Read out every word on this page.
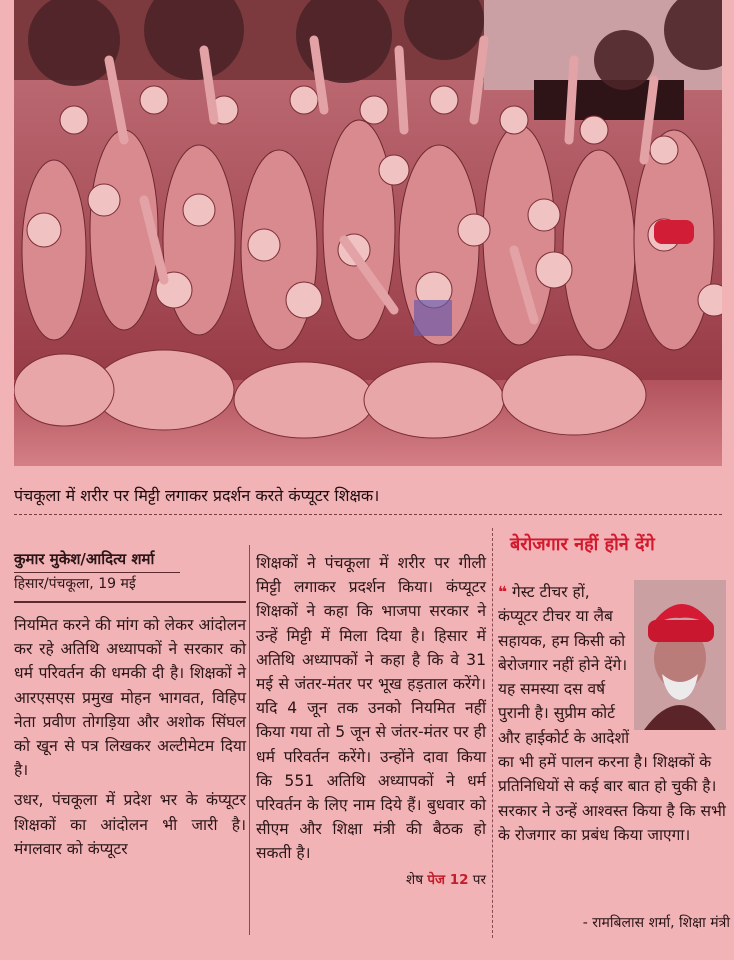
पंचकूला में शरीर पर मिट्टी लगाकर प्रदर्शन करते कंप्यूटर शिक्षक।
कुमार मुकेश/आदित्य शर्मा
हिसार/पंचकूला, 19 मई

नियमित करने की मांग को लेकर आंदोलन कर रहे अतिथि अध्यापकों ने सरकार को धर्म परिवर्तन की धमकी दी है। शिक्षकों ने आरएसएस प्रमुख मोहन भागवत, विहिप नेता प्रवीण तोगड़िया और अशोक सिंघल को खून से पत्र लिखकर अल्टीमेटम दिया है।

उधर, पंचकूला में प्रदेश भर के कंप्यूटर शिक्षकों का आंदोलन भी जारी है। मंगलवार को कंप्यूटर

शिक्षकों ने पंचकूला में शरीर पर गीली मिट्टी लगाकर प्रदर्शन किया। कंप्यूटर शिक्षकों ने कहा कि भाजपा सरकार ने उन्हें मिट्टी में मिला दिया है। हिसार में अतिथि अध्यापकों ने कहा है कि वे 31 मई से जंतर-मंतर पर भूख हड़ताल करेंगे। यदि 4 जून तक उनको नियमित नहीं किया गया तो 5 जून से जंतर-मंतर पर ही धर्म परिवर्तन करेंगे। उन्होंने दावा किया कि 551 अतिथि अध्यापकों ने धर्म परिवर्तन के लिए नाम दिये हैं। बुधवार को सीएम और शिक्षा मंत्री की बैठक हो सकती है।

शेष पेज 12 पर
बेरोजगार नहीं होने देंगे
❝ गेस्ट टीचर हों, कंप्यूटर टीचर या लैब सहायक, हम किसी को बेरोजगार नहीं होने देंगे। यह समस्या दस वर्ष पुरानी है। सुप्रीम कोर्ट और हाईकोर्ट के आदेशों का भी हमें पालन करना है। शिक्षकों के प्रतिनिधियों से कई बार बात हो चुकी है। सरकार ने उन्हें आश्वस्त किया है कि सभी के रोजगार का प्रबंध किया जाएगा।
- रामबिलास शर्मा, शिक्षा मंत्री
